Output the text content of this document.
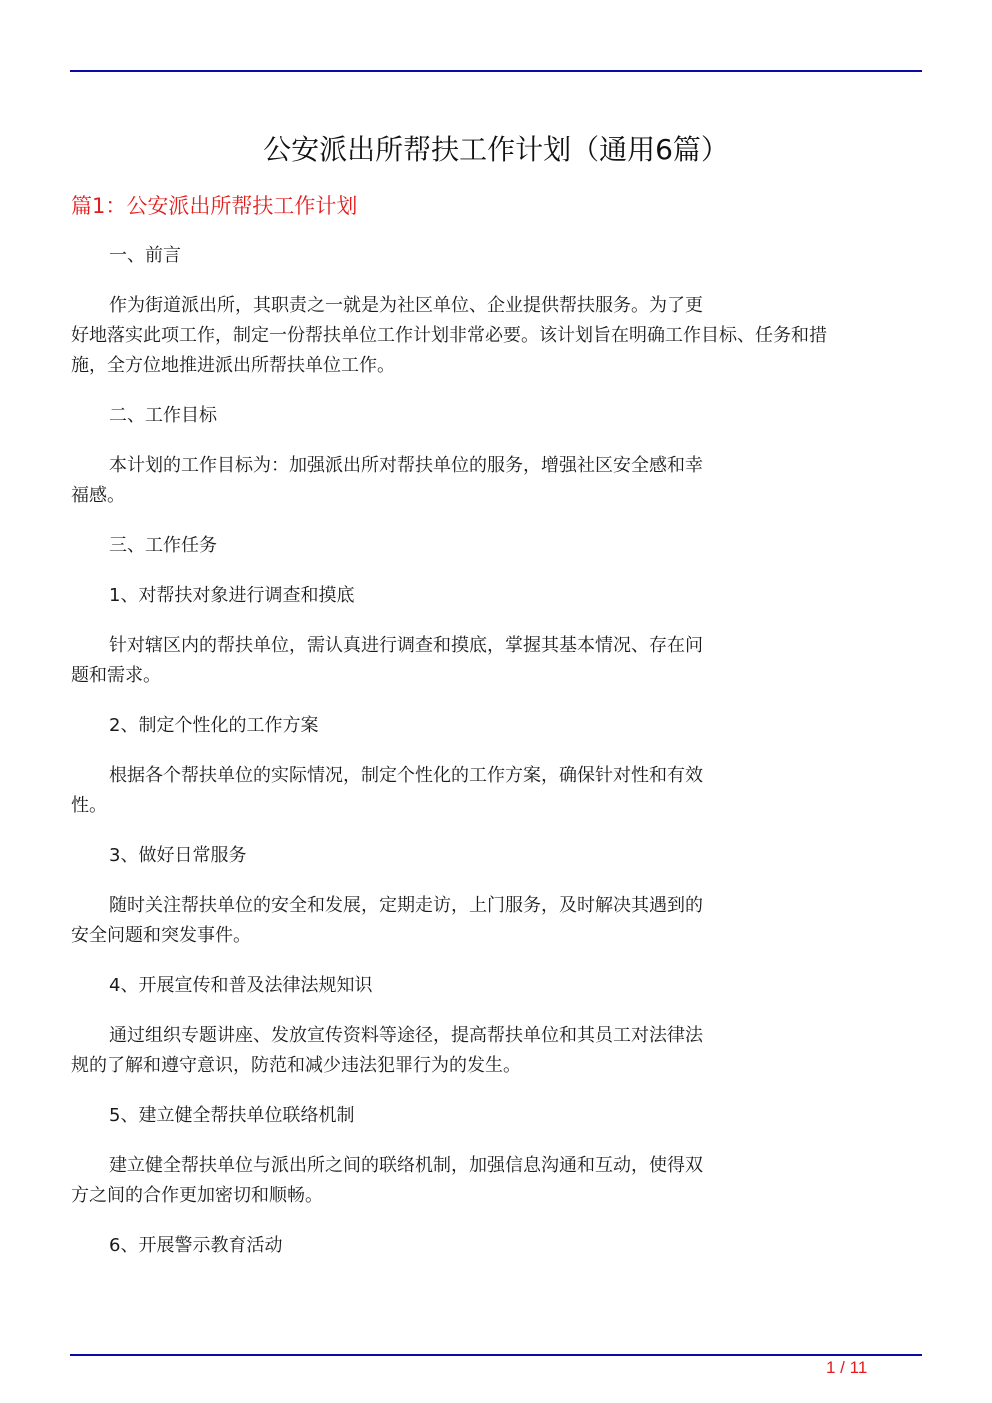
公安派出所帮扶工作计划（通用6篇）
篇1：公安派出所帮扶工作计划

一、前言

作为街道派出所，其职责之一就是为社区单位、企业提供帮扶服务。为了更
好地落实此项工作，制定一份帮扶单位工作计划非常必要。该计划旨在明确工作目标、任务和措
施，全方位地推进派出所帮扶单位工作。

二、工作目标

本计划的工作目标为：加强派出所对帮扶单位的服务，增强社区安全感和幸
福感。

三、工作任务

1、对帮扶对象进行调查和摸底

针对辖区内的帮扶单位，需认真进行调查和摸底，掌握其基本情况、存在问
题和需求。

2、制定个性化的工作方案

根据各个帮扶单位的实际情况，制定个性化的工作方案，确保针对性和有效
性。

3、做好日常服务

随时关注帮扶单位的安全和发展，定期走访，上门服务，及时解决其遇到的
安全问题和突发事件。

4、开展宣传和普及法律法规知识

通过组织专题讲座、发放宣传资料等途径，提高帮扶单位和其员工对法律法
规的了解和遵守意识，防范和减少违法犯罪行为的发生。

5、建立健全帮扶单位联络机制

建立健全帮扶单位与派出所之间的联络机制，加强信息沟通和互动，使得双
方之间的合作更加密切和顺畅。

6、开展警示教育活动

1 / 11
